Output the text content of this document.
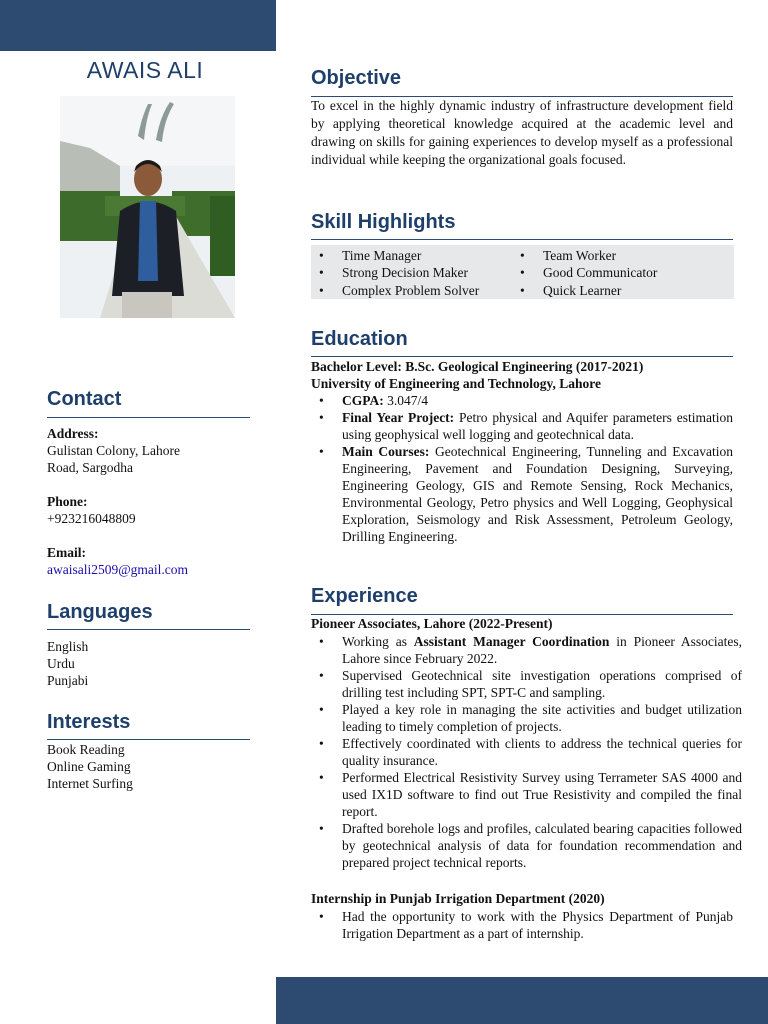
AWAIS ALI
Contact
Address:
Gulistan Colony, Lahore
Road, Sargodha
Phone:
+923216048809
Email:
awaisali2509@gmail.com
Languages
English
Urdu
Punjabi
Interests
Book Reading
Online Gaming
Internet Surfing
Objective
To excel in the highly dynamic industry of infrastructure development field by applying theoretical knowledge acquired at the academic level and drawing on skills for gaining experiences to develop myself as a professional individual while keeping the organizational goals focused.
Skill Highlights
• Time Manager
• Strong Decision Maker
• Complex Problem Solver
• Team Worker
• Good Communicator
• Quick Learner
Education
Bachelor Level: B.Sc. Geological Engineering (2017-2021)
University of Engineering and Technology, Lahore
• CGPA: 3.047/4
• Final Year Project: Petro physical and Aquifer parameters estimation using geophysical well logging and geotechnical data.
• Main Courses: Geotechnical Engineering, Tunneling and Excavation Engineering, Pavement and Foundation Designing, Surveying, Engineering Geology, GIS and Remote Sensing, Rock Mechanics, Environmental Geology, Petro physics and Well Logging, Geophysical Exploration, Seismology and Risk Assessment, Petroleum Geology, Drilling Engineering.
Experience
Pioneer Associates, Lahore (2022-Present)
• Working as Assistant Manager Coordination in Pioneer Associates, Lahore since February 2022.
• Supervised Geotechnical site investigation operations comprised of drilling test including SPT, SPT-C and sampling.
• Played a key role in managing the site activities and budget utilization leading to timely completion of projects.
• Effectively coordinated with clients to address the technical queries for quality insurance.
• Performed Electrical Resistivity Survey using Terrameter SAS 4000 and used IX1D software to find out True Resistivity and compiled the final report.
• Drafted borehole logs and profiles, calculated bearing capacities followed by geotechnical analysis of data for foundation recommendation and prepared project technical reports.
Internship in Punjab Irrigation Department (2020)
• Had the opportunity to work with the Physics Department of Punjab Irrigation Department as a part of internship.
